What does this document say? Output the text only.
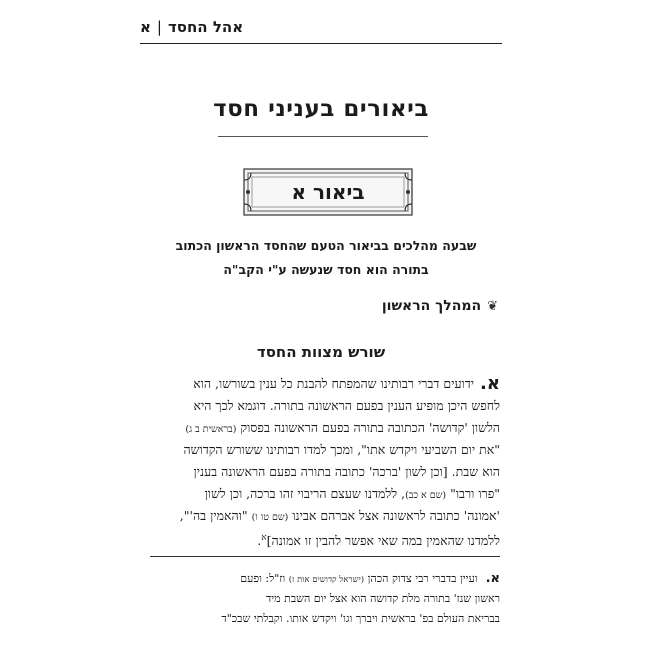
אהל החסד
|
א
ביאורים בעניני חסד
ביאור א
שבעה מהלכים בביאור הטעם שהחסד הראשון הכתוב
בתורה הוא חסד שנעשה ע"י הקב"ה
❦
המהלך הראשון
שורש מצוות החסד
א.ידועים דברי רבותינו שהמפתח להבנת כל ענין בשורשו, הוא
לחפש היכן מופיע הענין בפעם הראשונה בתורה. דוגמא לכך היא
הלשון 'קדושה' הכתובה בתורה בפעם הראשונה בפסוק (בראשית ב ג)
"את יום השביעי ויקדש אתו", ומכך למדו רבותינו ששורש הקדושה
הוא שבת. [וכן לשון 'ברכה' כתובה בתורה בפעם הראשונה בענין
"פרו ורבו" (שם א כב), ללמדנו שעצם הריבוי זהו ברכה, וכן לשון
'אמונה' כתובה לראשונה אצל אברהם אבינו (שם טו ו) "והאמין בה'",
ללמדנו שהאמין במה שאי אפשר להבין זו אמונה]$^א$.
א.ועיין בדברי רבי צדוק הכהן (ישראל קדושים אות ז) וז"ל: ופעם
ראשון שנז' בתורה מלת קדושה הוא אצל יום השבת מיד
בבריאת העולם בפ' בראשית ויברך וגו' ויקדש אותו. וקבלתי שבכ"ד
